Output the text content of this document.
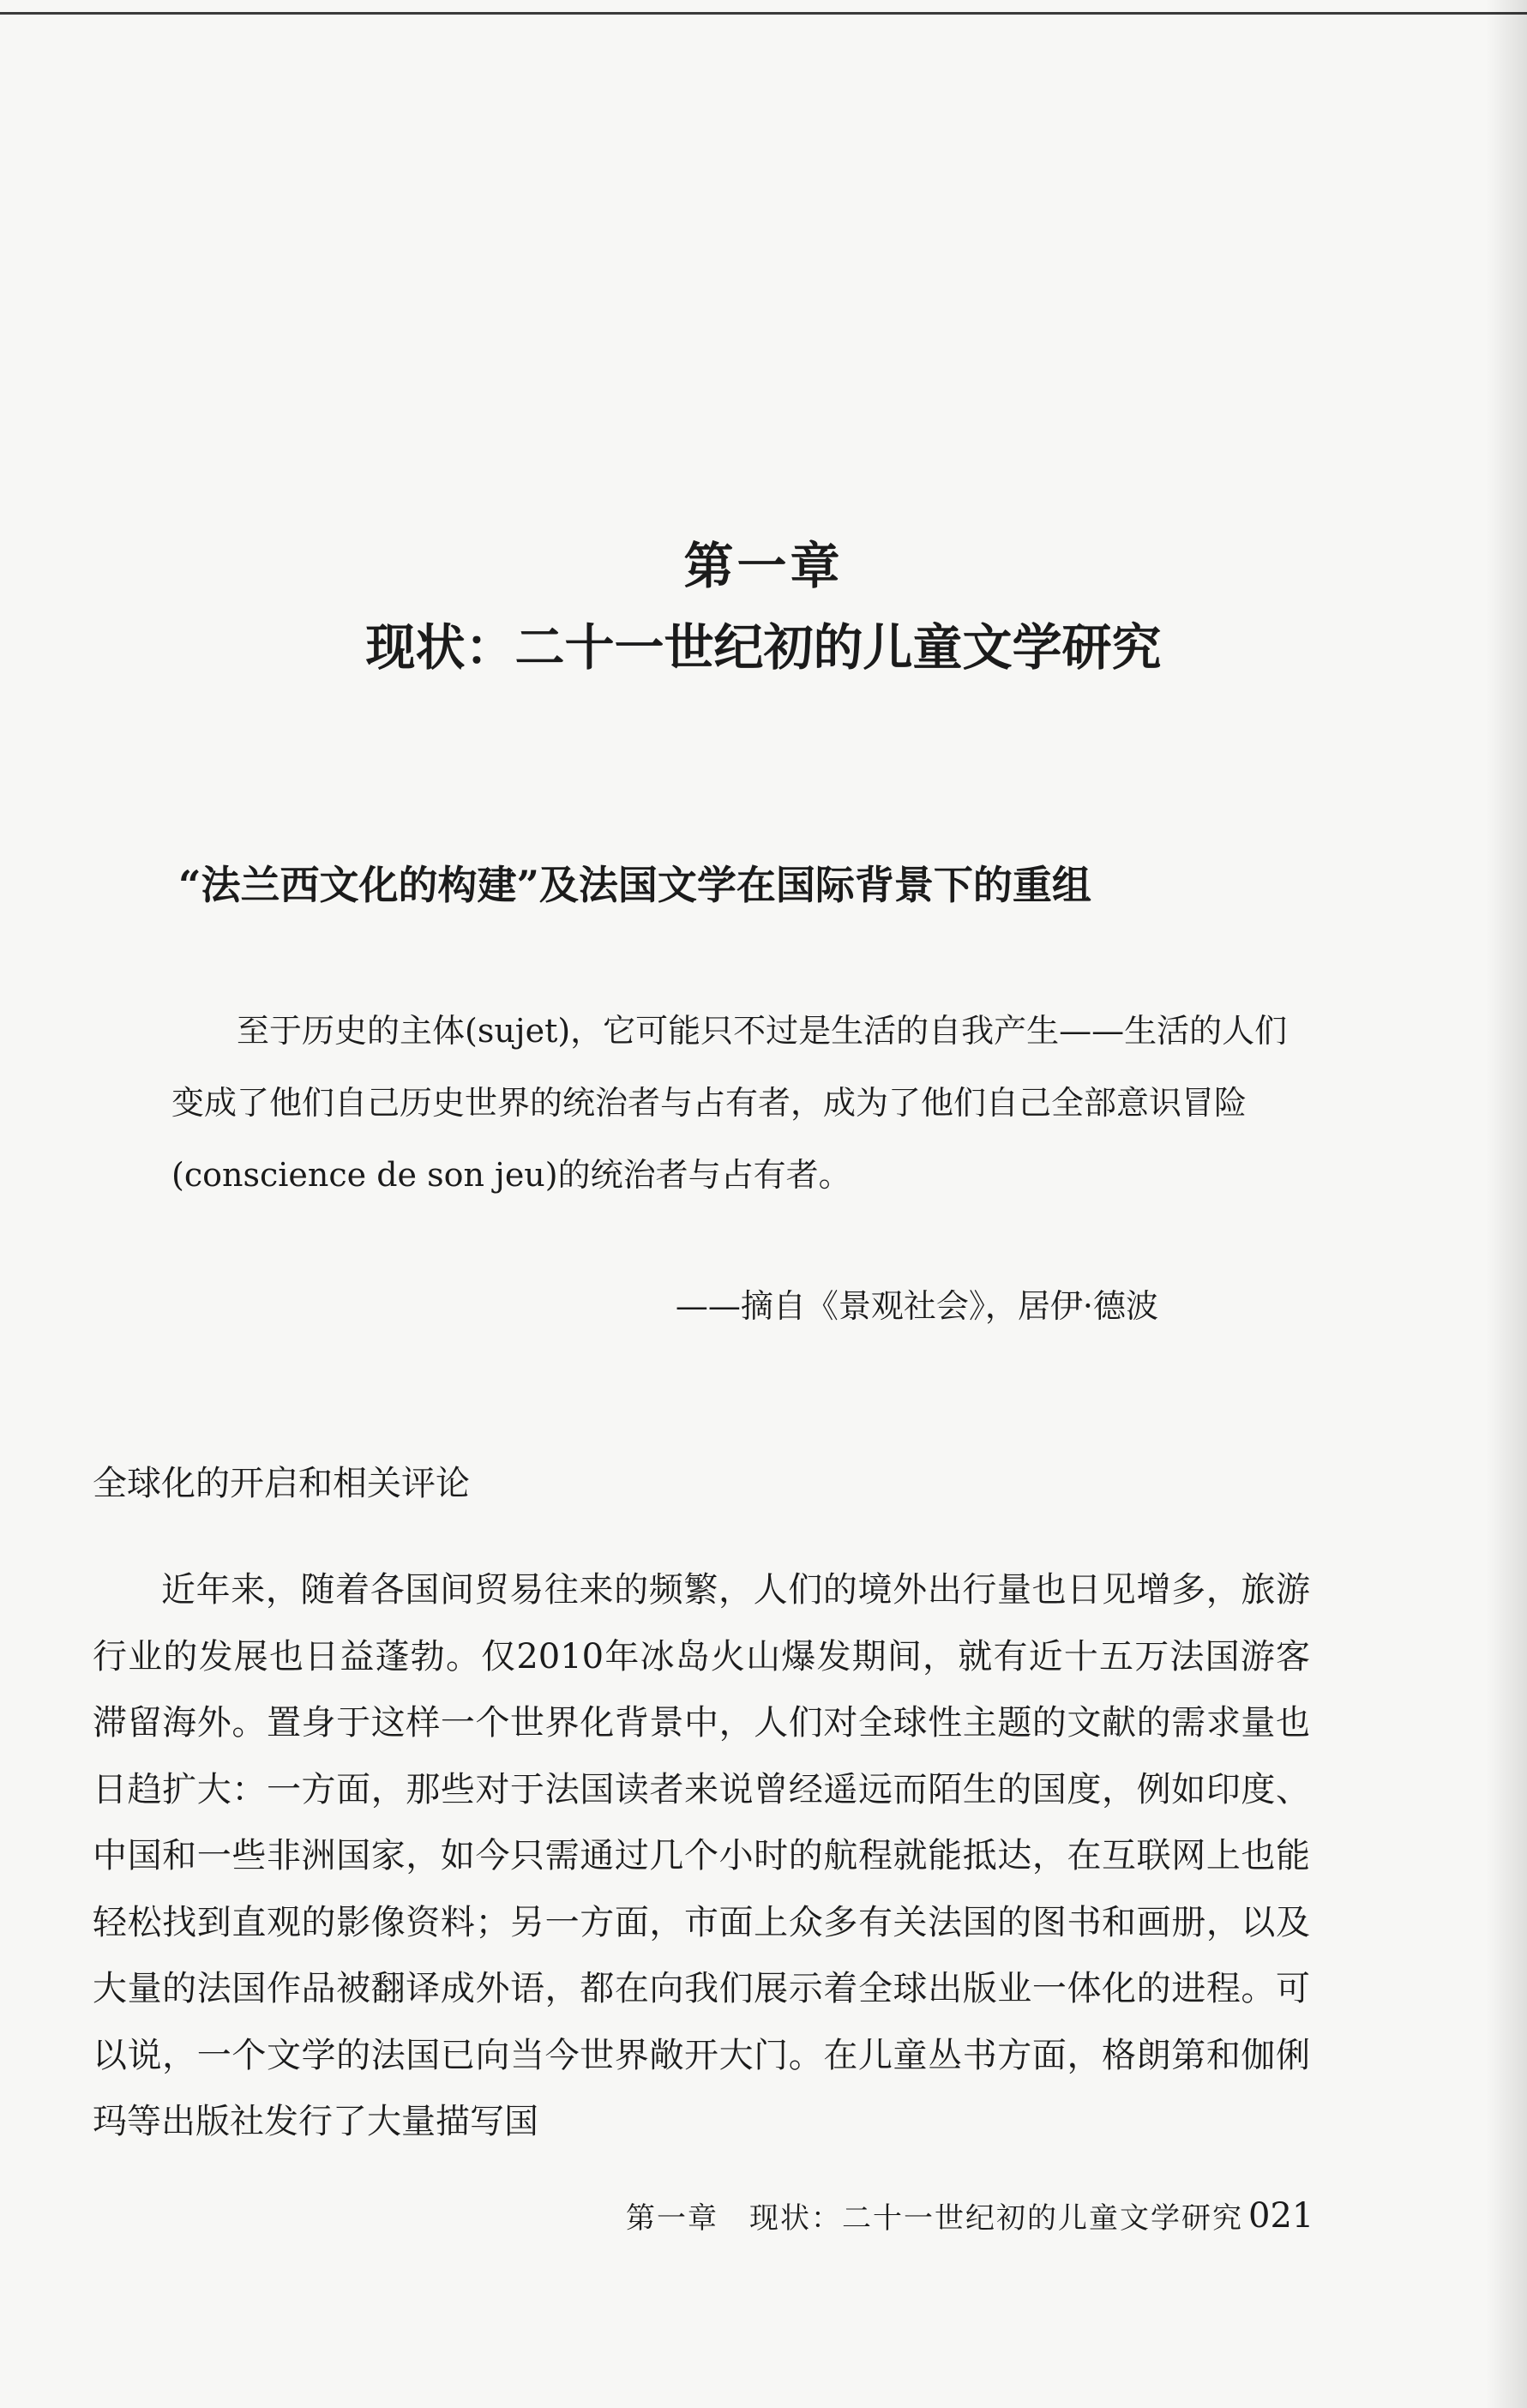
第一章
现状：二十一世纪初的儿童文学研究
“法兰西文化的构建”及法国文学在国际背景下的重组

至于历史的主体(sujet)，它可能只不过是生活的自我产生——生活的人们变成了他们自己历史世界的统治者与占有者，成为了他们自己全部意识冒险(conscience de son jeu)的统治者与占有者。

——摘自《景观社会》，居伊·德波
全球化的开启和相关评论

近年来，随着各国间贸易往来的频繁，人们的境外出行量也日见增多，旅游行业的发展也日益蓬勃。仅2010年冰岛火山爆发期间，就有近十五万法国游客滞留海外。置身于这样一个世界化背景中，人们对全球性主题的文献的需求量也日趋扩大：一方面，那些对于法国读者来说曾经遥远而陌生的国度，例如印度、中国和一些非洲国家，如今只需通过几个小时的航程就能抵达，在互联网上也能轻松找到直观的影像资料；另一方面，市面上众多有关法国的图书和画册，以及大量的法国作品被翻译成外语，都在向我们展示着全球出版业一体化的进程。可以说，一个文学的法国已向当今世界敞开大门。在儿童丛书方面，格朗第和伽俐玛等出版社发行了大量描写国

第一章　现状：二十一世纪初的儿童文学研究 021
